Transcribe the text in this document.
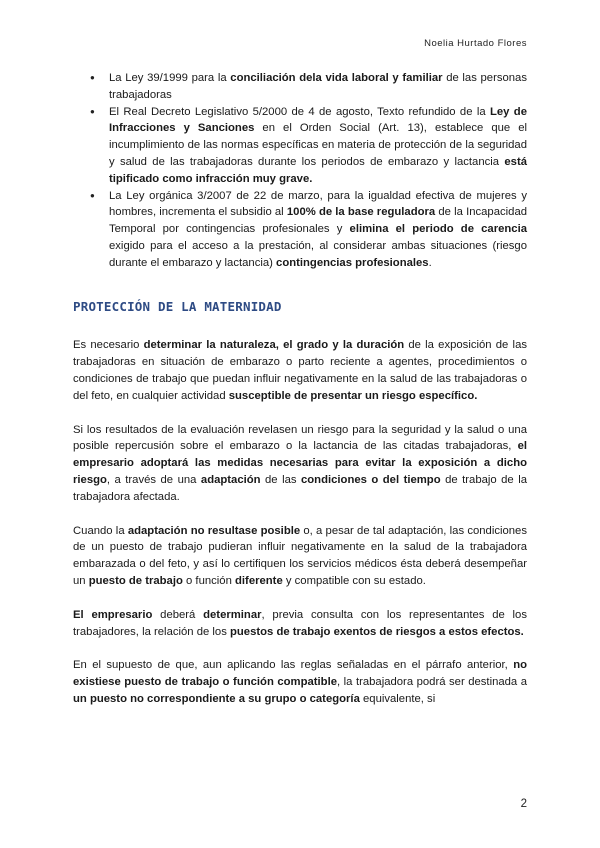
Noelia Hurtado Flores
● La Ley 39/1999 para la conciliación dela vida laboral y familiar de las personas trabajadoras
● El Real Decreto Legislativo 5/2000 de 4 de agosto, Texto refundido de la Ley de Infracciones y Sanciones en el Orden Social (Art. 13), establece que el incumplimiento de las normas específicas en materia de protección de la seguridad y salud de las trabajadoras durante los periodos de embarazo y lactancia está tipificado como infracción muy grave.
● La Ley orgánica 3/2007 de 22 de marzo, para la igualdad efectiva de mujeres y hombres, incrementa el subsidio al 100% de la base reguladora de la Incapacidad Temporal por contingencias profesionales y elimina el periodo de carencia exigido para el acceso a la prestación, al considerar ambas situaciones (riesgo durante el embarazo y lactancia) contingencias profesionales.
PROTECCIÓN DE LA MATERNIDAD

Es necesario determinar la naturaleza, el grado y la duración de la exposición de las trabajadoras en situación de embarazo o parto reciente a agentes, procedimientos o condiciones de trabajo que puedan influir negativamente en la salud de las trabajadoras o del feto, en cualquier actividad susceptible de presentar un riesgo específico.

Si los resultados de la evaluación revelasen un riesgo para la seguridad y la salud o una posible repercusión sobre el embarazo o la lactancia de las citadas trabajadoras, el empresario adoptará las medidas necesarias para evitar la exposición a dicho riesgo, a través de una adaptación de las condiciones o del tiempo de trabajo de la trabajadora afectada.

Cuando la adaptación no resultase posible o, a pesar de tal adaptación, las condiciones de un puesto de trabajo pudieran influir negativamente en la salud de la trabajadora embarazada o del feto, y así lo certifiquen los servicios médicos ésta deberá desempeñar un puesto de trabajo o función diferente y compatible con su estado.

El empresario deberá determinar, previa consulta con los representantes de los trabajadores, la relación de los puestos de trabajo exentos de riesgos a estos efectos.

En el supuesto de que, aun aplicando las reglas señaladas en el párrafo anterior, no existiese puesto de trabajo o función compatible, la trabajadora podrá ser destinada a un puesto no correspondiente a su grupo o categoría equivalente, si

2
